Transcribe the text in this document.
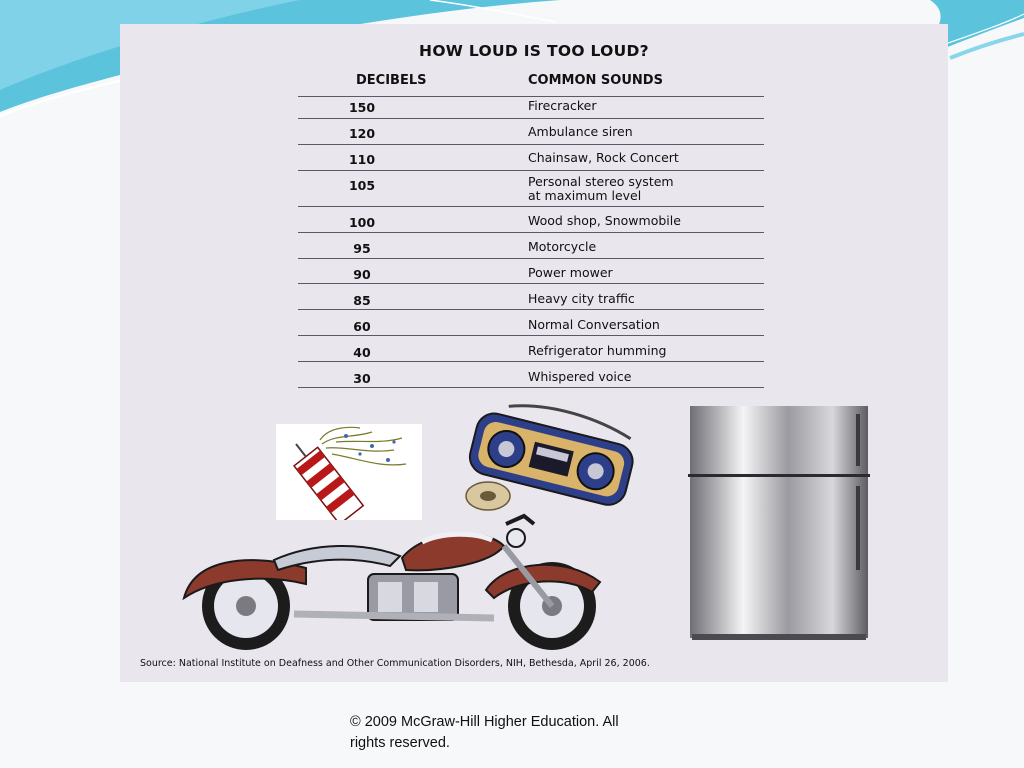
HOW LOUD IS TOO LOUD?
DECIBELS	COMMON SOUNDS
150	Firecracker
120	Ambulance siren
110	Chainsaw, Rock Concert
105	Personal stereo system
at maximum level
100	Wood shop, Snowmobile
95	Motorcycle
90	Power mower
85	Heavy city traffic
60	Normal Conversation
40	Refrigerator humming
30	Whispered voice
Source: National Institute on Deafness and Other Communication Disorders, NIH, Bethesda, April 26, 2006.
© 2009 McGraw-Hill Higher Education. All
rights reserved.
